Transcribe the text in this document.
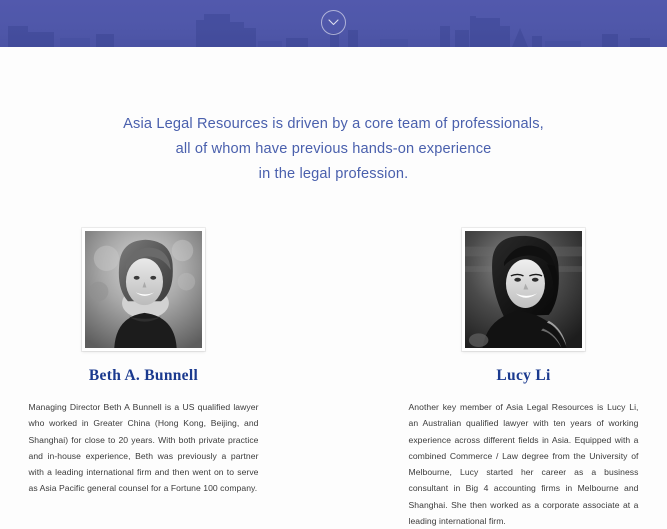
Asia Legal Resources is driven by a core team of professionals,
all of whom have previous hands-on experience
in the legal profession.
Beth A. Bunnell
Managing Director Beth A Bunnell is a US qualified lawyer who worked in Greater China (Hong Kong, Beijing, and Shanghai) for close to 20 years. With both private practice and in-house experience, Beth was previously a partner with a leading international firm and then went on to serve as Asia Pacific general counsel for a Fortune 100 company.
Lucy Li
Another key member of Asia Legal Resources is Lucy Li, an Australian qualified lawyer with ten years of working experience across different fields in Asia. Equipped with a combined Commerce / Law degree from the University of Melbourne, Lucy started her career as a business consultant in Big 4 accounting firms in Melbourne and Shanghai. She then worked as a corporate associate at a leading international firm.
